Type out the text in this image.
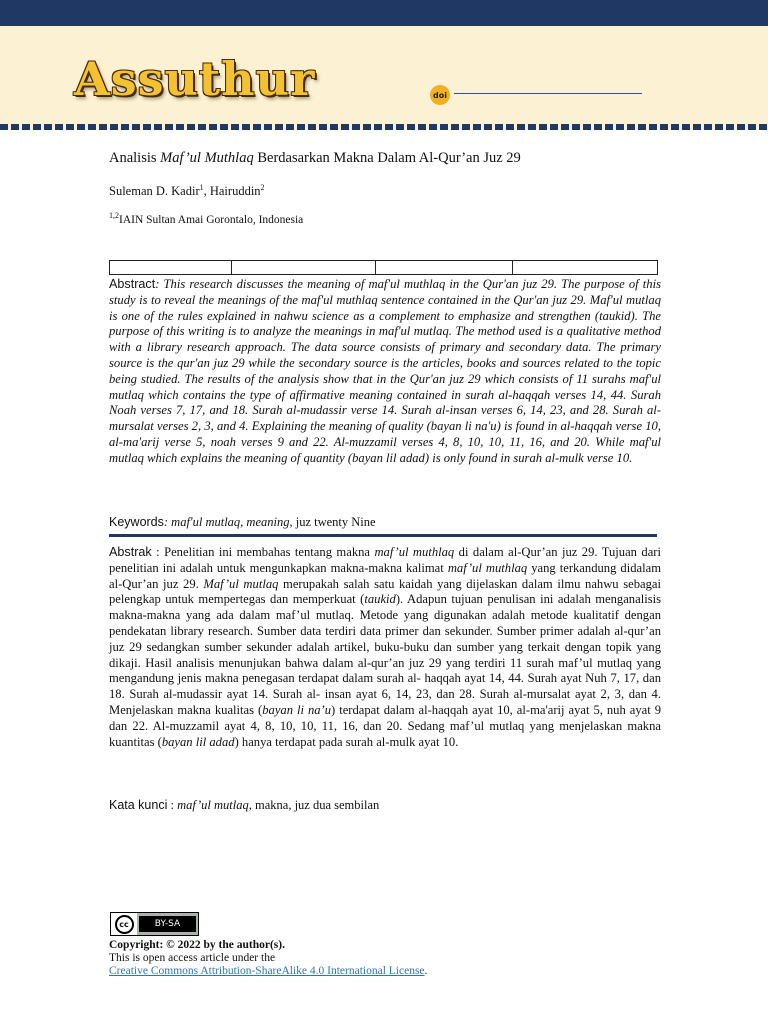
Assuthur	doi
Analisis Maf’ul Muthlaq Berdasarkan Makna Dalam Al-Qur’an Juz 29
Suleman D. Kadir$^1$, Hairuddin$^2$
$^{1,2}$IAIN Sultan Amai Gorontalo, Indonesia

Abstract: This research discusses the meaning of maf'ul muthlaq in the Qur'an juz 29. The purpose of this study is to reveal the meanings of the maf'ul muthlaq sentence contained in the Qur'an juz 29. Maf'ul mutlaq is one of the rules explained in nahwu science as a complement to emphasize and strengthen (taukid). The purpose of this writing is to analyze the meanings in maf'ul mutlaq. The method used is a qualitative method with a library research approach. The data source consists of primary and secondary data. The primary source is the qur'an juz 29 while the secondary source is the articles, books and sources related to the topic being studied. The results of the analysis show that in the Qur'an juz 29 which consists of 11 surahs maf'ul mutlaq which contains the type of affirmative meaning contained in surah al-haqqah verses 14, 44. Surah Noah verses 7, 17, and 18. Surah al-mudassir verse 14. Surah al-insan verses 6, 14, 23, and 28. Surah al-mursalat verses 2, 3, and 4. Explaining the meaning of quality (bayan li na'u) is found in al-haqqah verse 10, al-ma'arij verse 5, noah verses 9 and 22. Al-muzzamil verses 4, 8, 10, 10, 11, 16, and 20. While maf'ul mutlaq which explains the meaning of quantity (bayan lil adad) is only found in surah al-mulk verse 10.
Keywords: maf'ul mutlaq, meaning, juz twenty Nine
Abstrak : Penelitian ini membahas tentang makna maf’ul muthlaq di dalam al-Qur’an juz 29. Tujuan dari penelitian ini adalah untuk mengunkapkan makna-makna kalimat maf’ul muthlaq yang terkandung didalam al-Qur’an juz 29. Maf’ul mutlaq merupakah salah satu kaidah yang dijelaskan dalam ilmu nahwu sebagai pelengkap untuk mempertegas dan memperkuat (taukid). Adapun tujuan penulisan ini adalah menganalisis makna-makna yang ada dalam maf’ul mutlaq. Metode yang digunakan adalah metode kualitatif dengan pendekatan library research. Sumber data terdiri data primer dan sekunder. Sumber primer adalah al-qur’an juz 29 sedangkan sumber sekunder adalah artikel, buku-buku dan sumber yang terkait dengan topik yang dikaji. Hasil analisis menunjukan bahwa dalam al-qur’an juz 29 yang terdiri 11 surah maf’ul mutlaq yang mengandung jenis makna penegasan terdapat dalam surah al- haqqah ayat 14, 44. Surah ayat Nuh 7, 17, dan 18. Surah al-mudassir ayat 14. Surah al- insan ayat 6, 14, 23, dan 28. Surah al-mursalat ayat 2, 3, dan 4. Menjelaskan makna kualitas (bayan li na’u) terdapat dalam al-haqqah ayat 10, al-ma'arij ayat 5, nuh ayat 9 dan 22. Al-muzzamil ayat 4, 8, 10, 10, 11, 16, dan 20. Sedang maf’ul mutlaq yang menjelaskan makna kuantitas (bayan lil adad) hanya terdapat pada surah al-mulk ayat 10.
Kata kunci : maf’ul mutlaq, makna, juz dua sembilan
cc	BY-SA
Copyright: © 2022 by the author(s).
This is open access article under the
Creative Commons Attribution-ShareAlike 4.0 International License.
